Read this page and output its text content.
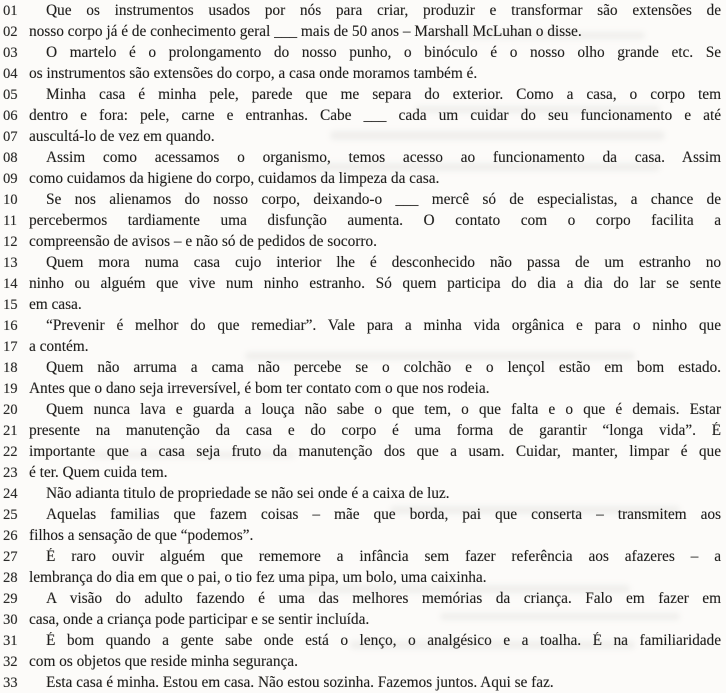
01	Que os instrumentos usados por nós para criar, produzir e transformar são extensões de
02 nosso corpo já é de conhecimento geral ___ mais de 50 anos – Marshall McLuhan o disse.
03	O martelo é o prolongamento do nosso punho, o binóculo é o nosso olho grande etc. Se
04 os instrumentos são extensões do corpo, a casa onde moramos também é.
05	Minha casa é minha pele, parede que me separa do exterior. Como a casa, o corpo tem
06 dentro e fora: pele, carne e entranhas. Cabe ___ cada um cuidar do seu funcionamento e até
07 auscultá-lo de vez em quando.
08	Assim como acessamos o organismo, temos acesso ao funcionamento da casa. Assim
09 como cuidamos da higiene do corpo, cuidamos da limpeza da casa.
10	Se nos alienamos do nosso corpo, deixando-o ___ mercê só de especialistas, a chance de
11 percebermos tardiamente uma disfunção aumenta. O contato com o corpo facilita a
12 compreensão de avisos – e não só de pedidos de socorro.
13	Quem mora numa casa cujo interior lhe é desconhecido não passa de um estranho no
14 ninho ou alguém que vive num ninho estranho. Só quem participa do dia a dia do lar se sente
15 em casa.
16	“Prevenir é melhor do que remediar”. Vale para a minha vida orgânica e para o ninho que
17 a contém.
18	Quem não arruma a cama não percebe se o colchão e o lençol estão em bom estado.
19 Antes que o dano seja irreversível, é bom ter contato com o que nos rodeia.
20	Quem nunca lava e guarda a louça não sabe o que tem, o que falta e o que é demais. Estar
21 presente na manutenção da casa e do corpo é uma forma de garantir “longa vida”. É
22 importante que a casa seja fruto da manutenção dos que a usam. Cuidar, manter, limpar é que
23 é ter. Quem cuida tem.
24	Não adianta titulo de propriedade se não sei onde é a caixa de luz.
25	Aquelas familias que fazem coisas – mãe que borda, pai que conserta – transmitem aos
26 filhos a sensação de que “podemos”.
27	É raro ouvir alguém que rememore a infância sem fazer referência aos afazeres – a
28 lembrança do dia em que o pai, o tio fez uma pipa, um bolo, uma caixinha.
29	A visão do adulto fazendo é uma das melhores memórias da criança. Falo em fazer em
30 casa, onde a criança pode participar e se sentir incluída.
31	É bom quando a gente sabe onde está o lenço, o analgésico e a toalha. É na familiaridade
32 com os objetos que reside minha segurança.
33	Esta casa é minha. Estou em casa. Não estou sozinha. Fazemos juntos. Aqui se faz.
